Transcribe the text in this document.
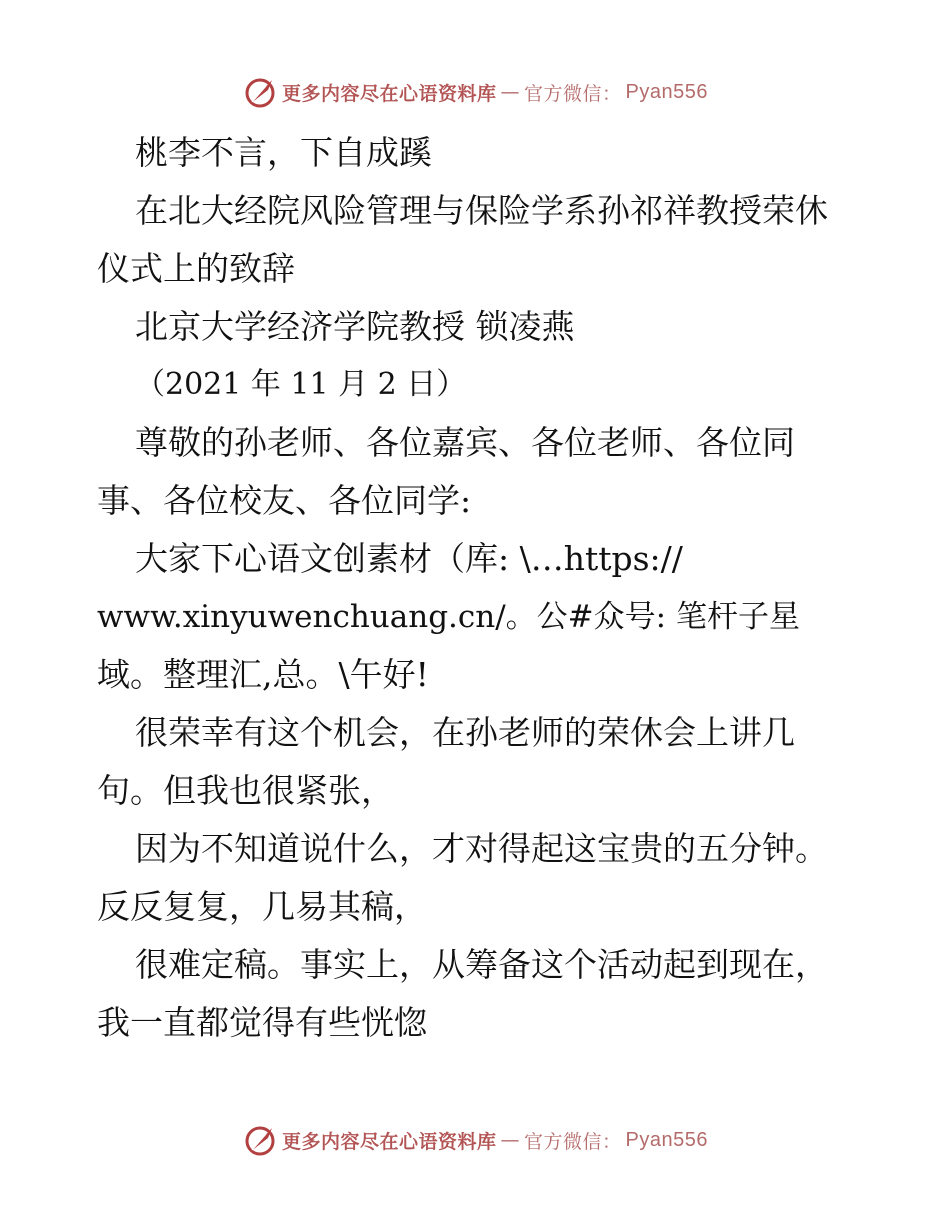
更多内容尽在心语资料库 — 官方微信： Pyan556
桃李不言，下自成蹊
在北大经院风险管理与保险学系孙祁祥教授荣休
仪式上的致辞
北京大学经济学院教授 锁凌燕
（2021 年 11 月 2 日）
尊敬的孙老师、各位嘉宾、各位老师、各位同
事、各位校友、各位同学:
大家下心语文创素材（库: \…https://
www.xinyuwenchuang.cn/。公#众号: 笔杆子星
域。整理汇,总。\午好!
很荣幸有这个机会，在孙老师的荣休会上讲几
句。但我也很紧张，
因为不知道说什么，才对得起这宝贵的五分钟。
反反复复，几易其稿，
很难定稿。事实上，从筹备这个活动起到现在，
我一直都觉得有些恍惚
更多内容尽在心语资料库 — 官方微信： Pyan556
